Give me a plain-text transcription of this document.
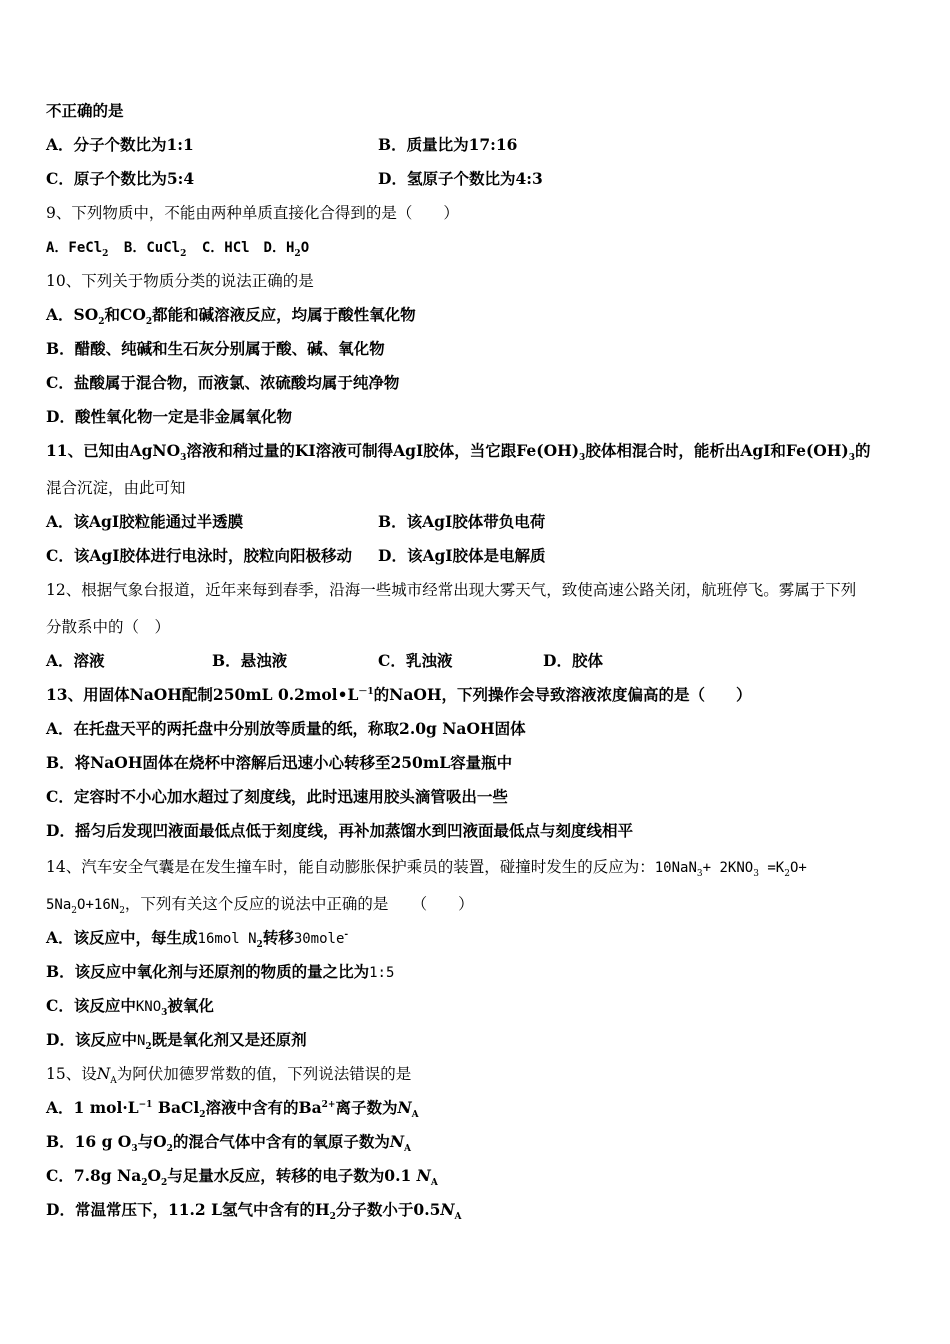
不正确的是
A．分子个数比为1:1	B．质量比为17:16
C．原子个数比为5:4	D．氢原子个数比为4:3
9、下列物质中，不能由两种单质直接化合得到的是（　　）
A．FeCl$_2$  B．CuCl$_2$  C．HCl　D．$H_2O$
10、下列关于物质分类的说法正确的是
A．$SO_2$和$CO_2$都能和碱溶液反应，均属于酸性氧化物
B．醋酸、纯碱和生石灰分别属于酸、碱、氧化物
C．盐酸属于混合物，而液氯、浓硫酸均属于纯净物
D．酸性氧化物一定是非金属氧化物
11、已知由AgNO$_3$溶液和稍过量的KI溶液可制得AgI胶体，当它跟$Fe(OH)_3$胶体相混合时，能析出AgI和$Fe(OH)_3$的
混合沉淀，由此可知
A．该AgI胶粒能通过半透膜	B．该AgI胶体带负电荷
C．该AgI胶体进行电泳时，胶粒向阳极移动 D．该AgI胶体是电解质
12、根据气象台报道，近年来每到春季，沿海一些城市经常出现大雾天气，致使高速公路关闭，航班停飞。雾属于下列
分散系中的（　）
A．溶液	B．悬浊液	C．乳浊液	D．胶体
13、用固体NaOH配制250mL $0.2mol•L^{-1}$的NaOH，下列操作会导致溶液浓度偏高的是（　　）
A．在托盘天平的两托盘中分别放等质量的纸，称取2.0g NaOH固体
B．将NaOH固体在烧杯中溶解后迅速小心转移至250mL容量瓶中
C．定容时不小心加水超过了刻度线，此时迅速用胶头滴管吸出一些
D．摇匀后发现凹液面最低点低于刻度线，再补加蒸馏水到凹液面最低点与刻度线相平
14、汽车安全气囊是在发生撞车时，能自动膨胀保护乘员的装置，碰撞时发生的反应为：$10NaN_3+ 2KNO_3 =K_2O+$
$5Na_2O+16N_2$，下列有关这个反应的说法中正确的是　　（　　）
A．该反应中，每生成16mol $N_2$转移30mole-
B．该反应中氧化剂与还原剂的物质的量之比为1:5
C．该反应中$KNO_3$被氧化
D．该反应中$N_2$既是氧化剂又是还原剂
15、设$N_A$为阿伏加德罗常数的值，下列说法错误的是
A．1 $mol\cdot L^{-1}$ BaCl$_2$溶液中含有的$Ba^{2+}$离子数为$N_A$
B．16 g $O_3$与$O_2$的混合气体中含有的氧原子数为$N_A$
C．7.8g $Na_2O_2$与足量水反应，转移的电子数为0.1 $N_A$
D．常温常压下，11.2 L氢气中含有的$H_2$分子数小于$0.5N_A$
